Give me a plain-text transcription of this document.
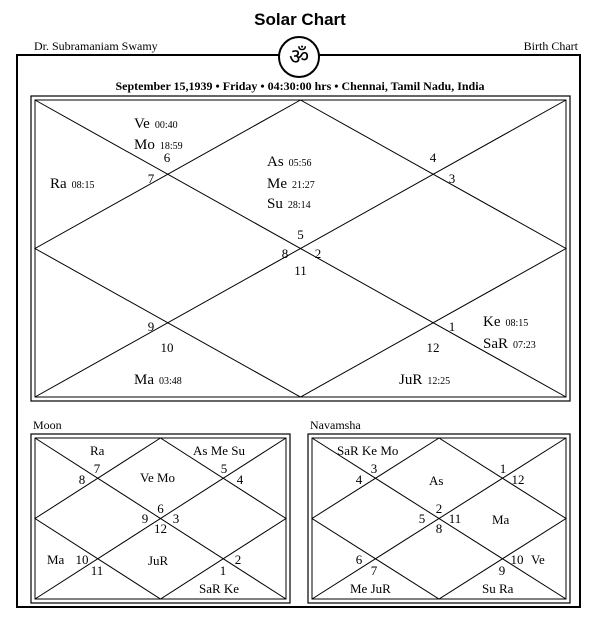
Solar Chart
Dr. Subramaniam Swamy	Birth Chart
ॐ
September 15,1939 • Friday • 04:30:00 hrs • Chennai, Tamil Nadu, India
As 05:56
Me 21:27
Su 28:14
Ve 00:40
Mo 18:59
Ra 08:15
Ma 03:48	JuR 12:25
Ke 08:15
SaR 07:23
5
6
7
8
9
10
11
12
1
2
3
4
Moon
Ve Mo
Ra
Ma	JuR
SaR Ke
As Me Su
6
7
8
9
10
11
12
1
2
3
4
5
Navamsha
As
SaR Ke Mo
Me JuR	Su Ra
Ve
Ma
2
3
4
5
6
7
8
9
10
11
12
1
